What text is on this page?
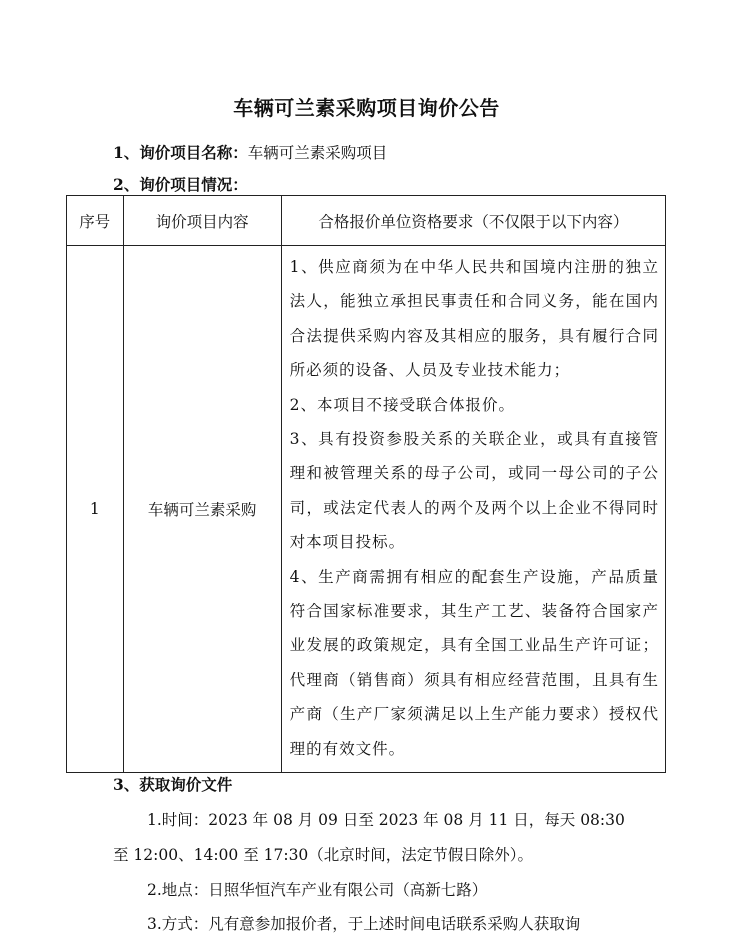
车辆可兰素采购项目询价公告
1、询价项目名称：车辆可兰素采购项目
2、询价项目情况：
序号	询价项目内容	合格报价单位资格要求（不仅限于以下内容）
1	车辆可兰素采购	1、供应商须为在中华人民共和国境内注册的独立法人，能独立承担民事责任和合同义务，能在国内合法提供采购内容及其相应的服务，具有履行合同所必须的设备、人员及专业技术能力；
2、本项目不接受联合体报价。
3、具有投资参股关系的关联企业，或具有直接管理和被管理关系的母子公司，或同一母公司的子公司，或法定代表人的两个及两个以上企业不得同时对本项目投标。
4、生产商需拥有相应的配套生产设施，产品质量符合国家标准要求，其生产工艺、装备符合国家产业发展的政策规定，具有全国工业品生产许可证；代理商（销售商）须具有相应经营范围，且具有生产商（生产厂家须满足以上生产能力要求）授权代理的有效文件。
3、获取询价文件
1.时间：2023 年 08 月 09 日至 2023 年 08 月 11 日，每天 08:30
至 12:00、14:00 至 17:30（北京时间，法定节假日除外）。
2.地点：日照华恒汽车产业有限公司（高新七路）
3.方式：凡有意参加报价者，于上述时间电话联系采购人获取询
